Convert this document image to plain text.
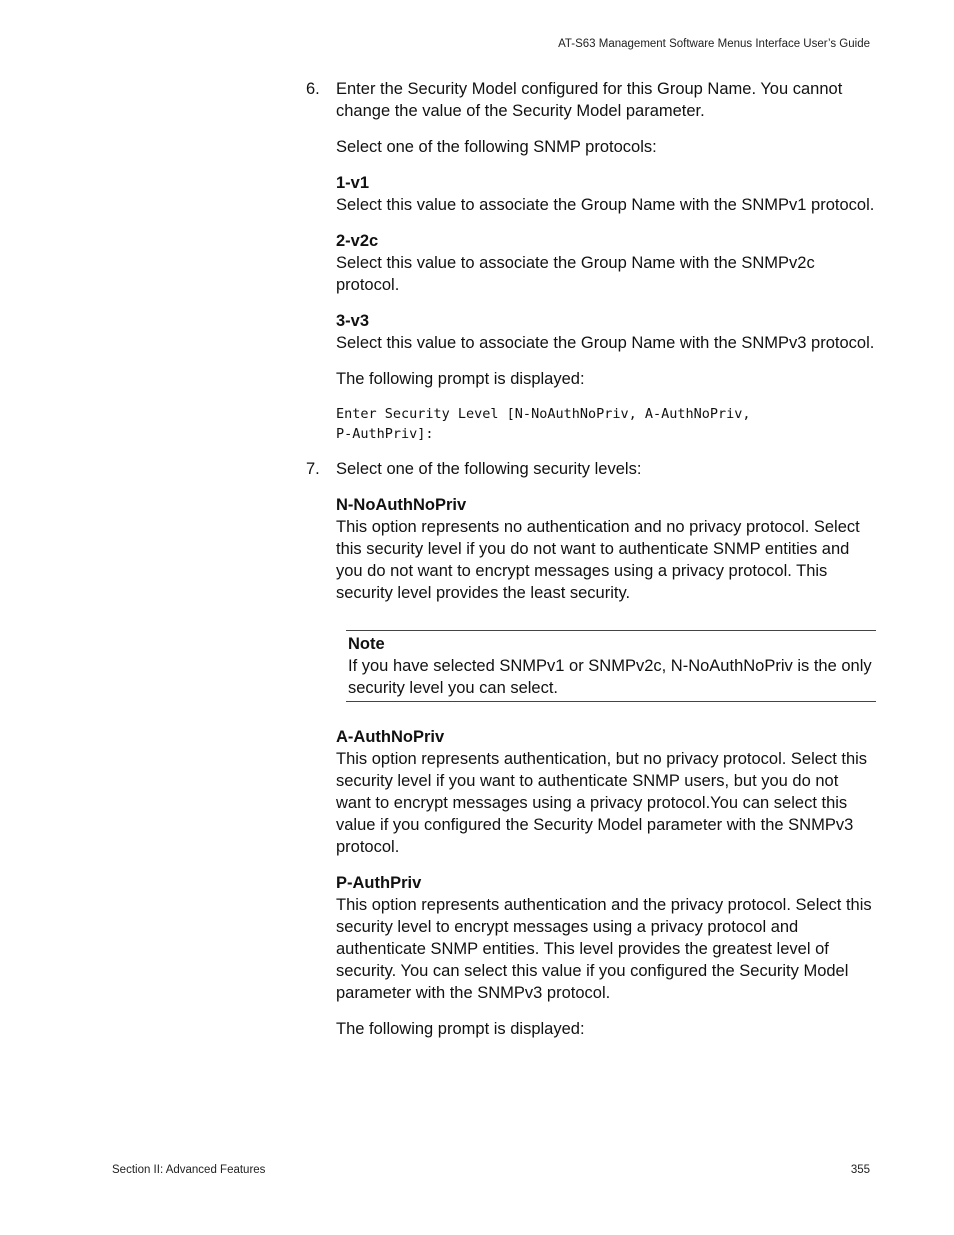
AT-S63 Management Software Menus Interface User’s Guide
6. Enter the Security Model configured for this Group Name. You cannot change the value of the Security Model parameter.

Select one of the following SNMP protocols:

1-v1
Select this value to associate the Group Name with the SNMPv1 protocol.
2-v2c
Select this value to associate the Group Name with the SNMPv2c protocol.
3-v3
Select this value to associate the Group Name with the SNMPv3 protocol.

The following prompt is displayed:

Enter Security Level [N-NoAuthNoPriv, A-AuthNoPriv,
P-AuthPriv]:
7. Select one of the following security levels:

N-NoAuthNoPriv
This option represents no authentication and no privacy protocol. Select this security level if you do not want to authenticate SNMP entities and you do not want to encrypt messages using a privacy protocol. This security level provides the least security.
Note
If you have selected SNMPv1 or SNMPv2c, N-NoAuthNoPriv is the only security level you can select.
A-AuthNoPriv
This option represents authentication, but no privacy protocol. Select this security level if you want to authenticate SNMP users, but you do not want to encrypt messages using a privacy protocol.You can select this value if you configured the Security Model parameter with the SNMPv3 protocol.
P-AuthPriv
This option represents authentication and the privacy protocol. Select this security level to encrypt messages using a privacy protocol and authenticate SNMP entities. This level provides the greatest level of security. You can select this value if you configured the Security Model parameter with the SNMPv3 protocol.

The following prompt is displayed:

Section II: Advanced Features	355
